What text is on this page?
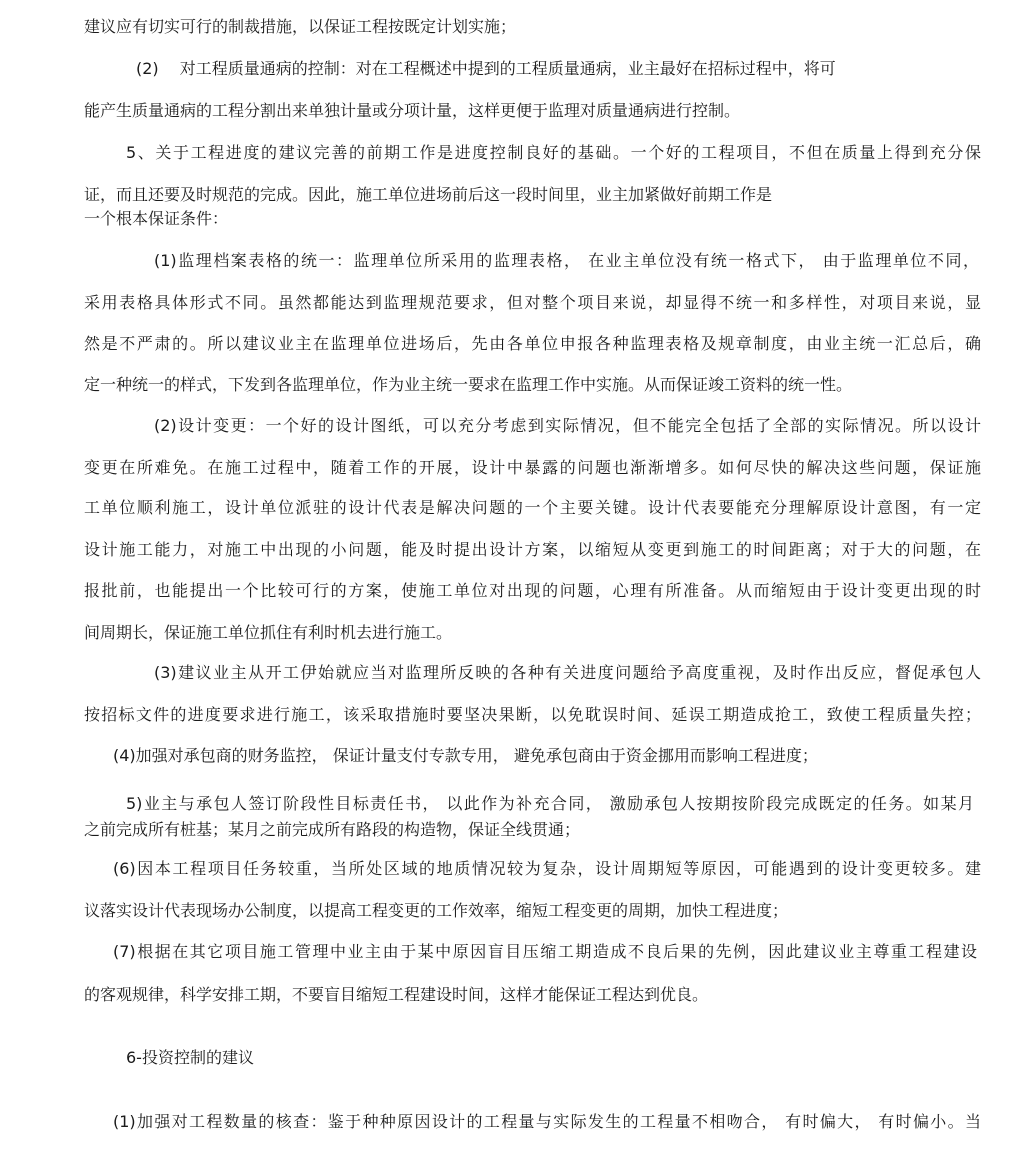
建议应有切实可行的制裁措施，以保证工程按既定计划实施；
(2)　 对工程质量通病的控制：对在工程概述中提到的工程质量通病，业主最好在招标过程中，将可
能产生质量通病的工程分割出来单独计量或分项计量，这样更便于监理对质量通病进行控制。
5、关于工程进度的建议完善的前期工作是进度控制良好的基础。一个好的工程项目，不但在质量上得到充分保
证，而且还要及时规范的完成。因此，施工单位进场前后这一段时间里，业主加紧做好前期工作是
一个根本保证条件：
(1)监理档案表格的统一：监理单位所采用的监理表格， 在业主单位没有统一格式下， 由于监理单位不同，
采用表格具体形式不同。虽然都能达到监理规范要求，但对整个项目来说，却显得不统一和多样性，对项目来说，显
然是不严肃的。所以建议业主在监理单位进场后，先由各单位申报各种监理表格及规章制度，由业主统一汇总后，确
定一种统一的样式，下发到各监理单位，作为业主统一要求在监理工作中实施。从而保证竣工资料的统一性。
(2)设计变更：一个好的设计图纸，可以充分考虑到实际情况，但不能完全包括了全部的实际情况。所以设计
变更在所难免。在施工过程中，随着工作的开展，设计中暴露的问题也渐渐增多。如何尽快的解决这些问题，保证施
工单位顺利施工，设计单位派驻的设计代表是解决问题的一个主要关键。设计代表要能充分理解原设计意图，有一定
设计施工能力，对施工中出现的小问题，能及时提出设计方案，以缩短从变更到施工的时间距离；对于大的问题，在
报批前，也能提出一个比较可行的方案，使施工单位对出现的问题，心理有所准备。从而缩短由于设计变更出现的时
间周期长，保证施工单位抓住有利时机去进行施工。
(3)建议业主从开工伊始就应当对监理所反映的各种有关进度问题给予高度重视，及时作出反应，督促承包人
按招标文件的进度要求进行施工，该采取措施时要坚决果断，以免耽误时间、延误工期造成抢工，致使工程质量失控；
(4)加强对承包商的财务监控， 保证计量支付专款专用， 避免承包商由于资金挪用而影响工程进度；
5)业主与承包人签订阶段性目标责任书， 以此作为补充合同， 激励承包人按期按阶段完成既定的任务。如某月
之前完成所有桩基；某月之前完成所有路段的构造物，保证全线贯通；
(6)因本工程项目任务较重，当所处区域的地质情况较为复杂，设计周期短等原因，可能遇到的设计变更较多。建
议落实设计代表现场办公制度，以提高工程变更的工作效率，缩短工程变更的周期，加快工程进度；
(7)根据在其它项目施工管理中业主由于某中原因盲目压缩工期造成不良后果的先例，因此建议业主尊重工程建设
的客观规律，科学安排工期，不要盲目缩短工程建设时间，这样才能保证工程达到优良。
6-投资控制的建议
(1)加强对工程数量的核查：鉴于种种原因设计的工程量与实际发生的工程量不相吻合， 有时偏大， 有时偏小。当
